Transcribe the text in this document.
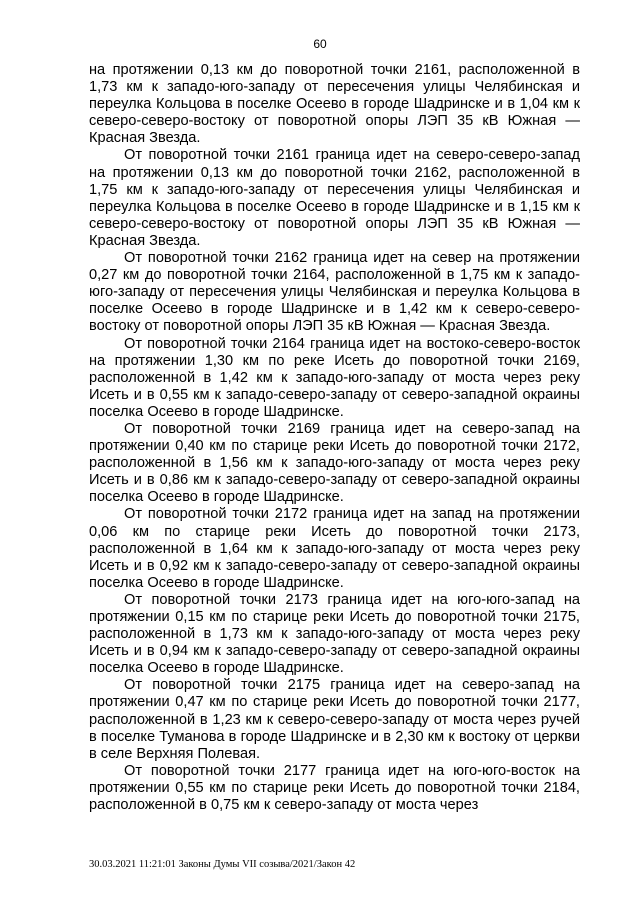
60

на протяжении 0,13 км до поворотной точки 2161, расположенной в 1,73 км к западо-юго-западу от пересечения улицы Челябинская и переулка Кольцова в поселке Осеево в городе Шадринске и в 1,04 км к северо-северо-востоку от поворотной опоры ЛЭП 35 кВ Южная — Красная Звезда.

От поворотной точки 2161 граница идет на северо-северо-запад на протяжении 0,13 км до поворотной точки 2162, расположенной в 1,75 км к западо-юго-западу от пересечения улицы Челябинская и переулка Кольцова в поселке Осеево в городе Шадринске и в 1,15 км к северо-северо-востоку от поворотной опоры ЛЭП 35 кВ Южная — Красная Звезда.

От поворотной точки 2162 граница идет на север на протяжении 0,27 км до поворотной точки 2164, расположенной в 1,75 км к западо-юго-западу от пересечения улицы Челябинская и переулка Кольцова в поселке Осеево в городе Шадринске и в 1,42 км к северо-северо-востоку от поворотной опоры ЛЭП 35 кВ Южная — Красная Звезда.

От поворотной точки 2164 граница идет на востоко-северо-восток на протяжении 1,30 км по реке Исеть до поворотной точки 2169, расположенной в 1,42 км к западо-юго-западу от моста через реку Исеть и в 0,55 км к западо-северо-западу от северо-западной окраины поселка Осеево в городе Шадринске.

От поворотной точки 2169 граница идет на северо-запад на протяжении 0,40 км по старице реки Исеть до поворотной точки 2172, расположенной в 1,56 км к западо-юго-западу от моста через реку Исеть и в 0,86 км к западо-северо-западу от северо-западной окраины поселка Осеево в городе Шадринске.

От поворотной точки 2172 граница идет на запад на протяжении 0,06 км по старице реки Исеть до поворотной точки 2173, расположенной в 1,64 км к западо-юго-западу от моста через реку Исеть и в 0,92 км к западо-северо-западу от северо-западной окраины поселка Осеево в городе Шадринске.

От поворотной точки 2173 граница идет на юго-юго-запад на протяжении 0,15 км по старице реки Исеть до поворотной точки 2175, расположенной в 1,73 км к западо-юго-западу от моста через реку Исеть и в 0,94 км к западо-северо-западу от северо-западной окраины поселка Осеево в городе Шадринске.

От поворотной точки 2175 граница идет на северо-запад на протяжении 0,47 км по старице реки Исеть до поворотной точки 2177, расположенной в 1,23 км к северо-северо-западу от моста через ручей в поселке Туманова в городе Шадринске и в 2,30 км к востоку от церкви в селе Верхняя Полевая.

От поворотной точки 2177 граница идет на юго-юго-восток на протяжении 0,55 км по старице реки Исеть до поворотной точки 2184, расположенной в 0,75 км к северо-западу от моста через

30.03.2021 11:21:01 Законы Думы VII созыва/2021/Закон 42
